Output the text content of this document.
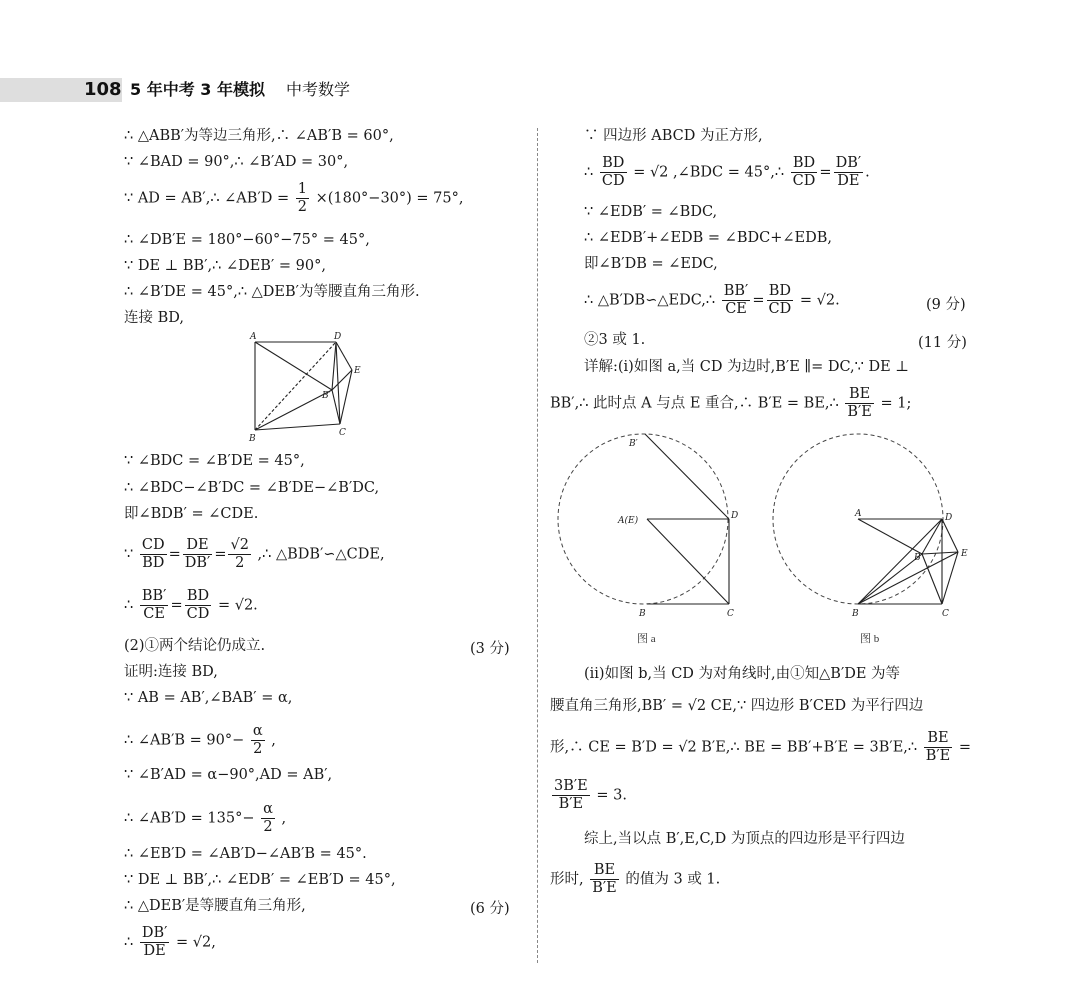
108 5 年中考 3 年模拟 中考数学
∴ △ABB′为等边三角形,∴ ∠AB′B = 60°,
∵ ∠BAD = 90°,∴ ∠B′AD = 30°,
∵ AD = AB′,∴ ∠AB′D = $\frac{1}{2} \times(180^\circ-30^\circ) = 75^\circ$,
∴ ∠DB′E = 180°−60°−75° = 45°,
∵ DE ⊥ BB′,∴ ∠DEB′ = 90°,
∴ ∠B′DE = 45°,∴ △DEB′为等腰直角三角形.
连接 BD,
A
B
C
D
E
B′
∵ ∠BDC = ∠B′DE = 45°,
∴ ∠BDC−∠B′DC = ∠B′DE−∠B′DC,
即∠BDB′ = ∠CDE.
∵ $\frac{CD}{BD} = \frac{DE}{DB'} = \frac{√2}{2}$ ,∴ △BDB′∽△CDE,
∴ $\frac{BB'}{CE} = \frac{BD}{CD} = √2$.
(2)①两个结论仍成立.	(3 分)
证明:连接 BD,
∵ AB = AB′,∠BAB′ = α,
∴ ∠AB′B = $90^\circ- \frac{\alpha}{2}$ ,
∵ ∠B′AD = α−90°,AD = AB′,
∴ ∠AB′D = $135^\circ- \frac{\alpha}{2}$ ,
∴ ∠EB′D = ∠AB′D−∠AB′B = 45°.
∵ DE ⊥ BB′,∴ ∠EDB′ = ∠EB′D = 45°,
∴ △DEB′是等腰直角三角形,	(6 分)
∴ $\frac{DB'}{DE} = √2$,
∵ 四边形 ABCD 为正方形,
∴ $\frac{BD}{CD} = √2$ ,∠BDC = 45°,∴ $\frac{BD}{CD} = \frac{DB'}{DE}$ .
∵ ∠EDB′ = ∠BDC,
∴ ∠EDB′+∠EDB = ∠BDC+∠EDB,
即∠B′DB = ∠EDC,
∴ △B′DB∽△EDC,∴ $\frac{BB'}{CE} = \frac{BD}{CD} = √2$.	(9 分)
②3 或 1.	(11 分)
详解:(i)如图 a,当 CD 为边时,B′E ∥= DC,∵ DE ⊥
BB′,∴ 此时点 A 与点 E 重合,∴ B′E = BE,∴ $\frac{BE}{B'E} = 1$;
B′
A(E)	D
B	C
图 a
A	D
E
B′
B	C
图 b
(ii)如图 b,当 CD 为对角线时,由①知△B′DE 为等
腰直角三角形,BB′ = √2 CE,∵ 四边形 B′CED 为平行四边
形,∴ CE = B′D = √2 B′E,∴ BE = BB′+B′E = 3B′E,∴ $\frac{BE}{B'E}$ =
$\frac{3B'E}{B'E} = 3$.
综上,当以点 B′,E,C,D 为顶点的四边形是平行四边
形时, $\frac{BE}{B'E}$ 的值为 3 或 1.
